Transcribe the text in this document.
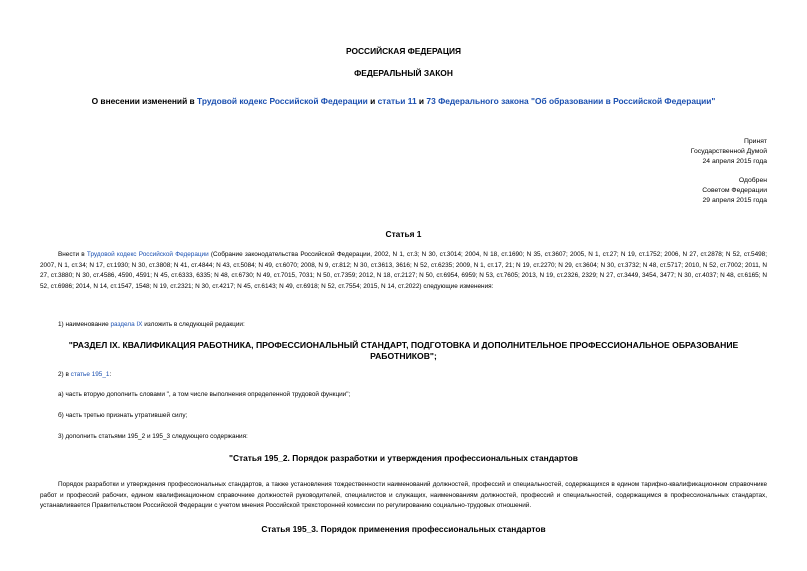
РОССИЙСКАЯ ФЕДЕРАЦИЯ
ФЕДЕРАЛЬНЫЙ ЗАКОН
О внесении изменений в Трудовой кодекс Российской Федерации и статьи 11 и 73 Федерального закона "Об образовании в Российской Федерации"
Принят
Государственной Думой
24 апреля 2015 года
Одобрен
Советом Федерации
29 апреля 2015 года
Статья 1
Внести в Трудовой кодекс Российской Федерации (Собрание законодательства Российской Федерации, 2002, N 1, ст.3; N 30, ст.3014; 2004, N 18, ст.1690; N 35, ст.3607; 2005, N 1, ст.27; N 19, ст.1752; 2006, N 27, ст.2878; N 52, ст.5498; 2007, N 1, ст.34; N 17, ст.1930; N 30, ст.3808; N 41, ст.4844; N 43, ст.5084; N 49, ст.6070; 2008, N 9, ст.812; N 30, ст.3613, 3616; N 52, ст.6235; 2009, N 1, ст.17, 21; N 19, ст.2270; N 29, ст.3604; N 30, ст.3732; N 48, ст.5717; 2010, N 52, ст.7002; 2011, N 27, ст.3880; N 30, ст.4586, 4590, 4591; N 45, ст.6333, 6335; N 48, ст.6730; N 49, ст.7015, 7031; N 50, ст.7359; 2012, N 18, ст.2127; N 50, ст.6954, 6959; N 53, ст.7605; 2013, N 19, ст.2326, 2329; N 27, ст.3449, 3454, 3477; N 30, ст.4037; N 48, ст.6165; N 52, ст.6986; 2014, N 14, ст.1547, 1548; N 19, ст.2321; N 30, ст.4217; N 45, ст.6143; N 49, ст.6918; N 52, ст.7554; 2015, N 14, ст.2022) следующие изменения:
1) наименование раздела IX изложить в следующей редакции:
"РАЗДЕЛ IX. КВАЛИФИКАЦИЯ РАБОТНИКА, ПРОФЕССИОНАЛЬНЫЙ СТАНДАРТ, ПОДГОТОВКА И ДОПОЛНИТЕЛЬНОЕ ПРОФЕССИОНАЛЬНОЕ ОБРАЗОВАНИЕ РАБОТНИКОВ";
2) в статье 195_1:
а) часть вторую дополнить словами ", а том числе выполнения определенной трудовой функции";
б) часть третью признать утратившей силу;
3) дополнить статьями 195_2 и 195_3 следующего содержания:
"Статья 195_2. Порядок разработки и утверждения профессиональных стандартов
Порядок разработки и утверждения профессиональных стандартов, а также установления тождественности наименований должностей, профессий и специальностей, содержащихся в едином тарифно-квалификационном справочнике работ и профессий рабочих, едином квалификационном справочнике должностей руководителей, специалистов и служащих, наименованиям должностей, профессий и специальностей, содержащимся в профессиональных стандартах, устанавливается Правительством Российской Федерации с учетом мнения Российской трехсторонней комиссии по регулированию социально-трудовых отношений.
Статья 195_3. Порядок применения профессиональных стандартов
